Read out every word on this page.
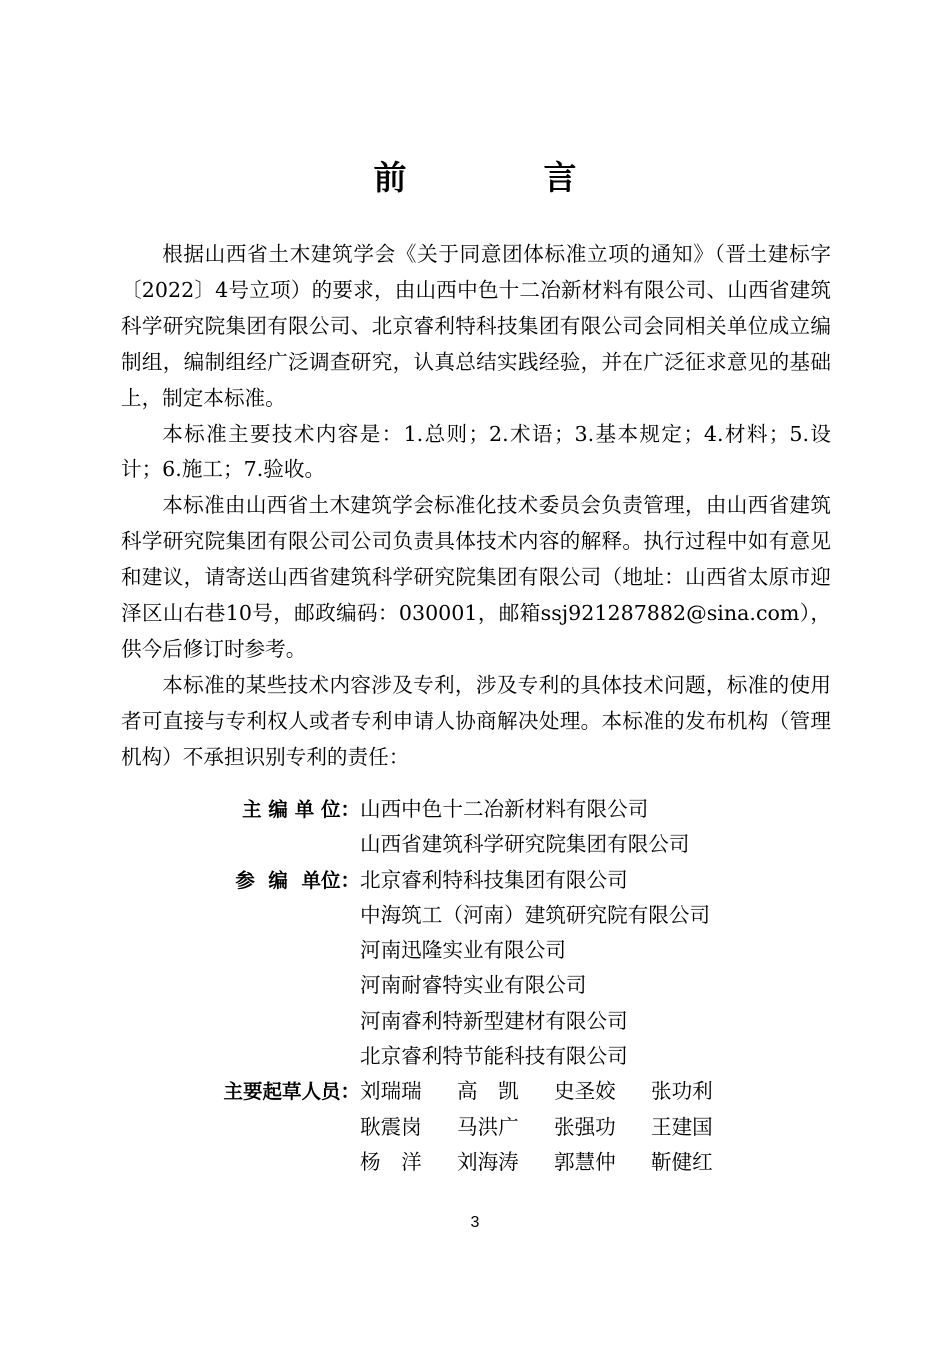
前　言

根据山西省土木建筑学会《关于同意团体标准立项的通知》（晋土建标字〔2022〕4号立项）的要求，由山西中色十二冶新材料有限公司、山西省建筑科学研究院集团有限公司、北京睿利特科技集团有限公司会同相关单位成立编制组，编制组经广泛调查研究，认真总结实践经验，并在广泛征求意见的基础上，制定本标准。

本标准主要技术内容是：1.总则；2.术语；3.基本规定；4.材料；5.设计；6.施工；7.验收。

本标准由山西省土木建筑学会标准化技术委员会负责管理，由山西省建筑科学研究院集团有限公司公司负责具体技术内容的解释。执行过程中如有意见和建议，请寄送山西省建筑科学研究院集团有限公司（地址：山西省太原市迎泽区山右巷10号，邮政编码：030001，邮箱ssj921287882@sina.com），供今后修订时参考。

本标准的某些技术内容涉及专利，涉及专利的具体技术问题，标准的使用者可直接与专利权人或者专利申请人协商解决处理。本标准的发布机构（管理机构）不承担识别专利的责任：

主 编 单 位： 山西中色十二冶新材料有限公司
山西省建筑科学研究院集团有限公司
参  编  单位： 北京睿利特科技集团有限公司
中海筑工（河南）建筑研究院有限公司
河南迅隆实业有限公司
河南耐睿特实业有限公司
河南睿利特新型建材有限公司
北京睿利特节能科技有限公司
主要起草人员： 刘瑞瑞	高　凯	史圣姣	张功利
耿震岗	马洪广	张强功	王建国
杨　洋	刘海涛	郭慧仲	靳健红
3
